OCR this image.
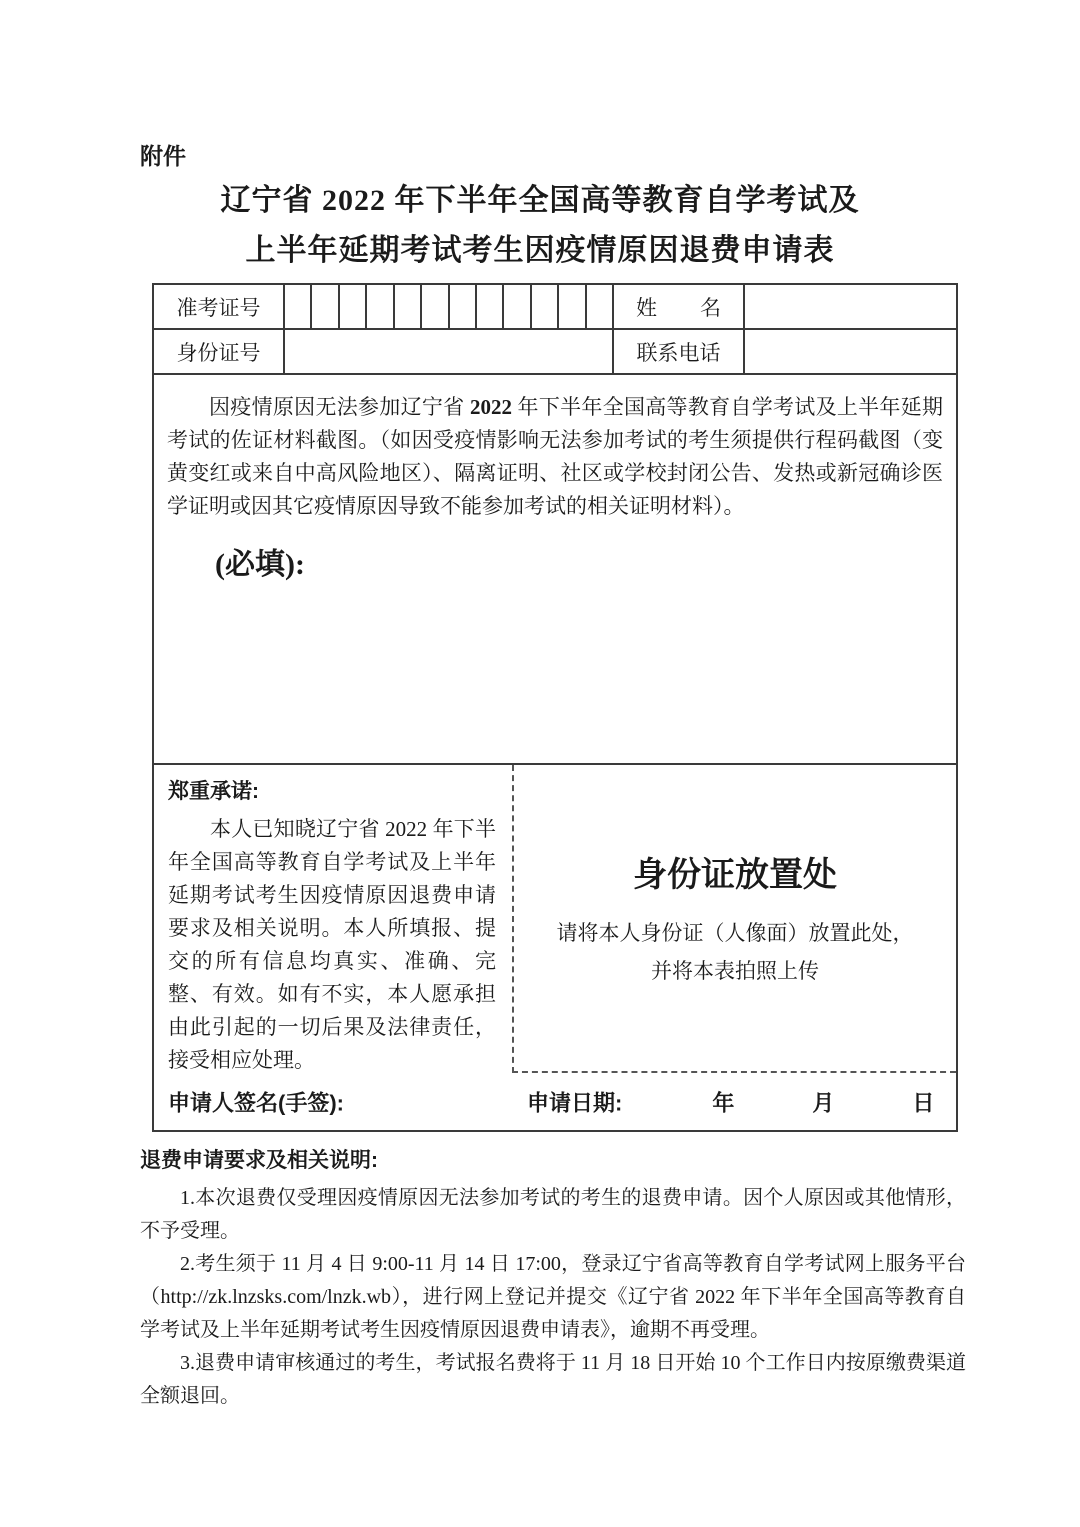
附件
辽宁省 2022 年下半年全国高等教育自学考试及
上半年延期考试考生因疫情原因退费申请表
准考证号	姓名
身份证号	联系电话

因疫情原因无法参加辽宁省 2022 年下半年全国高等教育自学考试及上半年延期考试的佐证材料截图。（如因受疫情影响无法参加考试的考生须提供行程码截图（变黄变红或来自中高风险地区）、隔离证明、社区或学校封闭公告、发热或新冠确诊医学证明或因其它疫情原因导致不能参加考试的相关证明材料）。

(必填):
郑重承诺:

本人已知晓辽宁省 2022 年下半年全国高等教育自学考试及上半年延期考试考生因疫情原因退费申请要求及相关说明。本人所填报、提交的所有信息均真实、准确、完整、有效。如有不实，本人愿承担由此引起的一切后果及法律责任，接受相应处理。

身份证放置处
请将本人身份证（人像面）放置此处，
并将本表拍照上传
申请人签名(手签):	申请日期:	年	月	日
退费申请要求及相关说明:

1.本次退费仅受理因疫情原因无法参加考试的考生的退费申请。因个人原因或其他情形，不予受理。

2.考生须于 11 月 4 日 9:00-11 月 14 日 17:00，登录辽宁省高等教育自学考试网上服务平台（http://zk.lnzsks.com/lnzk.wb），进行网上登记并提交《辽宁省 2022 年下半年全国高等教育自学考试及上半年延期考试考生因疫情原因退费申请表》，逾期不再受理。

3.退费申请审核通过的考生，考试报名费将于 11 月 18 日开始 10 个工作日内按原缴费渠道全额退回。
